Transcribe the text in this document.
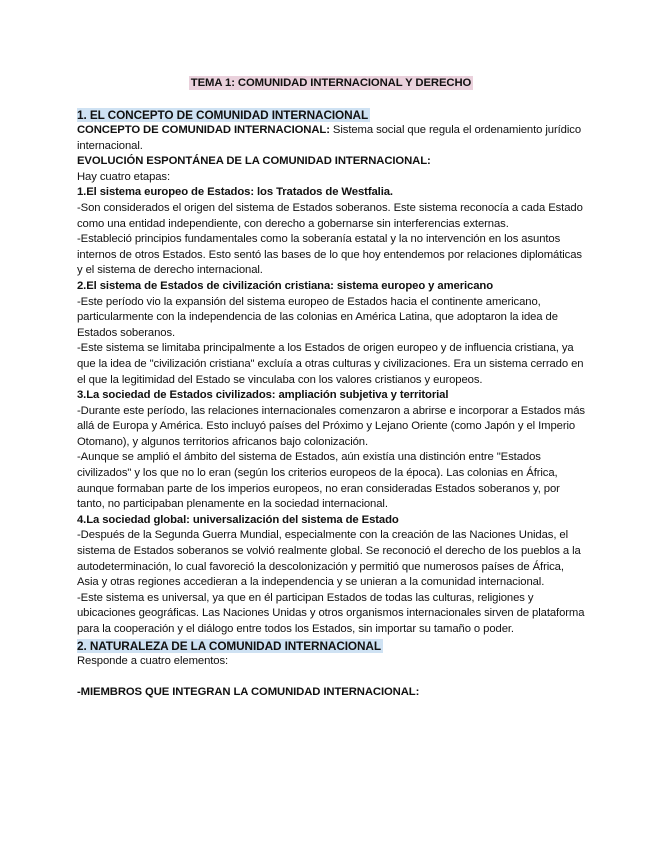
TEMA 1: COMUNIDAD INTERNACIONAL Y DERECHO
1. EL CONCEPTO DE COMUNIDAD INTERNACIONAL

CONCEPTO DE COMUNIDAD INTERNACIONAL: Sistema social que regula el ordenamiento jurídico internacional.

EVOLUCIÓN ESPONTÁNEA DE LA COMUNIDAD INTERNACIONAL:

Hay cuatro etapas:

1.El sistema europeo de Estados: los Tratados de Westfalia.

-Son considerados el origen del sistema de Estados soberanos. Este sistema reconocía a cada Estado como una entidad independiente, con derecho a gobernarse sin interferencias externas.

-Estableció principios fundamentales como la soberanía estatal y la no intervención en los asuntos internos de otros Estados. Esto sentó las bases de lo que hoy entendemos por relaciones diplomáticas y el sistema de derecho internacional.

2.El sistema de Estados de civilización cristiana: sistema europeo y americano

-Este período vio la expansión del sistema europeo de Estados hacia el continente americano, particularmente con la independencia de las colonias en América Latina, que adoptaron la idea de Estados soberanos.

-Este sistema se limitaba principalmente a los Estados de origen europeo y de influencia cristiana, ya que la idea de "civilización cristiana" excluía a otras culturas y civilizaciones. Era un sistema cerrado en el que la legitimidad del Estado se vinculaba con los valores cristianos y europeos.

3.La sociedad de Estados civilizados: ampliación subjetiva y territorial

-Durante este período, las relaciones internacionales comenzaron a abrirse e incorporar a Estados más allá de Europa y América. Esto incluyó países del Próximo y Lejano Oriente (como Japón y el Imperio Otomano), y algunos territorios africanos bajo colonización.

-Aunque se amplió el ámbito del sistema de Estados, aún existía una distinción entre "Estados civilizados" y los que no lo eran (según los criterios europeos de la época). Las colonias en África, aunque formaban parte de los imperios europeos, no eran consideradas Estados soberanos y, por tanto, no participaban plenamente en la sociedad internacional.

4.La sociedad global: universalización del sistema de Estado

-Después de la Segunda Guerra Mundial, especialmente con la creación de las Naciones Unidas, el sistema de Estados soberanos se volvió realmente global. Se reconoció el derecho de los pueblos a la autodeterminación, lo cual favoreció la descolonización y permitió que numerosos países de África, Asia y otras regiones accedieran a la independencia y se unieran a la comunidad internacional.

-Este sistema es universal, ya que en él participan Estados de todas las culturas, religiones y ubicaciones geográficas. Las Naciones Unidas y otros organismos internacionales sirven de plataforma para la cooperación y el diálogo entre todos los Estados, sin importar su tamaño o poder.

2. NATURALEZA DE LA COMUNIDAD INTERNACIONAL

Responde a cuatro elementos:

-MIEMBROS QUE INTEGRAN LA COMUNIDAD INTERNACIONAL:
